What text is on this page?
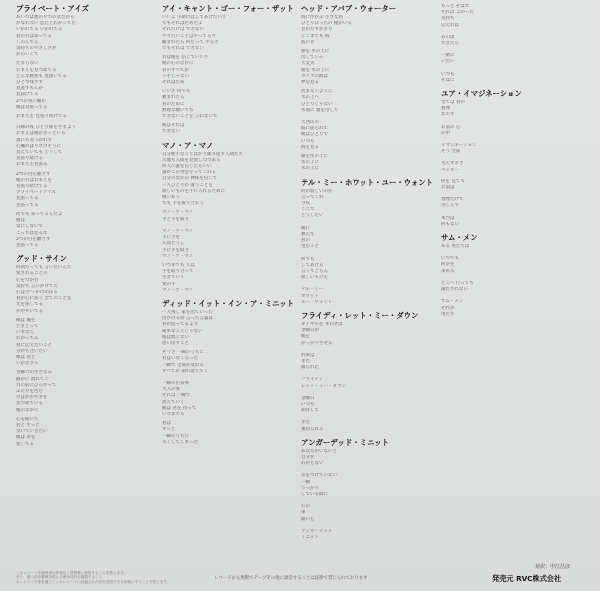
プライベート・アイズ
あいつは他のやつの女だから
かなわない 恋だとわかってた
いかれてる いかれてる
君の目は知ってる
しのんでる
気持ちのやさしさが
かわいくて
たまらない
おまえを見つめてる
どんな秘密も 見抜いてる
ひとつ残さず
見逃すもんか
見届けてる
2つの青い瞳が
俺は見張ってる
おまえを 見張り続けてる
日曜の夜 ひとり街をさまよう
おまえは俺がきっといる
誰にも気づかれず
心臓がはりさけそうに
見えていても どうして
見張り続ける
おまえを見張る
2つの目を離さず
俺の目はおまえを
見張り続けてる
プライベートアイズ
見張ってる
見張ってる
何でも 知ってるんだよ
俺は
気にしないで
こっちは見るな
2つの目を離さず
見張ってる
グッド・サイン
何回だっても 言いたいんだ
愛されることの
心をつかむ
気持ち 言いかけてた
心は空へ かけのぼる
君が心に思う 全てのことを
光を探してる
かがやいてる
俺は 俺を
とまどって
いまなら
わかってる
君に伝えたいこと
分かち合いたい
俺は 君と
いかなきゃ
雪解けのさざなみ
静かに 流れてく
目の前にひろがって
ふたりを包む
空はかがやきを
見つめている
俺のなかに
心を開いて
君と ずっと
歩いていきたい
俺は 君を
愛してる
アイ・キャント・ゴー・フォー・ザット
いいよ 手助けはしてあげたいさ
でもそれはだめだよ
それだけは できない
やりたいことはやってるさ
頼まれたら 何だって やるさ
でもそれは できない
君は俺を 信じていいさ
俺の心のなかに
君のすべてが
うそじゃない
それはだめ
いいさ 何でも
頼まれたら
君のために
無理な願いでも
できないことを 言わないで
俺はそれは
できない
マノ・ア・マノ
自分勝手なことばかり繰り返す人間たち
大地も人間を見放しつつある
何人に誰を信じたらいい
誰がこの世を守ってくれる
自分のなかの 神様を信じて
一人ひとりが 違うことを
欲しいものを手に入れるために
戦いあう
でも 手を取り合おう
マノ・ア・マノ
手と手を取り
マノ・ア・マノ
手に手を
人間どうし
手に手を取り
マノ・ア・マノ
いつまでも 人は
手を取り合って
生きていく
愛の手
マノ・ア・マノ
ディッド・イット・イン・ア・ミニット
一人残し 家を出ていった
出かける時 言った言葉は
君が思ってるより
簡単なことじゃない
俺は悪くない
思い出すこと
そうさ 一瞬のうちに
君はいなくなった
一瞬で 全部が変わる
すべてが 崩れ落ちてく
一瞬の出来事
大人の愛
それは 一瞬で
消えていく
俺は 君を 待って
いつまでも
君は
ずっと
一瞬のうちに
失くしてしまった
ヘッド・アバブ・ウォーター
海に浮かぶ 小さな島
ひとりぼっちの 俺がいる
見わたすかぎり
どこまでも 海
波の音
頭を 水の上に
出していろ
大丈夫
頭を 水の上に
カリブの海は
夢を見る
沈まないように
水の上へ
ひとりじゃない
水面に 頭を出して
大西洋の
波に揺られて
俺はひとりで
いつも
海を見る
頭を水の上に
水の上に
水の上に
テル・ミー・ホワット・ユー・ウォント
何が欲しいのか
言ってくれ
今夜
ここで
どうしたい
俺に
教えて
君の
望むこと
何でも
してあげる
言ってごらん
欲しいものを
テル・ミー
ホワット
ユー・ウォント
フライディ・レット・ミー・ダウン
ダイヤルを まわせば
金曜日が
俺を
がっかりさせる
約束は
また
破られた
フライディ
レット・ミー・ダウン
金曜日
いつも
期待して
また
裏切られる
アンガーデッド・ミニット
あなたがいないと
自分が
わからない
気をつけていない
一瞬
うっかり
している間に
心の
扉
開いた
アンガーデッド
ミニット
もっと そばで
やれば よかった
気持ち
伝えれば
あの頃
できたら
一緒に
いたい
いつも
そばに
ユア・イマジネーション
全ては 君の
想像
なのさ
お前の 心
の中
イマジネーション
そう 全部
考えすぎさ
ベイビー
何を 見ても
お前は
想像だけで
苦しんで
本当は
何もない
サム・メン
ある 男たちは
いつでも
何かを
求める
どこへ 行っても
満たされない
サム・メン
それが
男たち
このレコードを権利者の許諾なく賃貸業に使用することを禁じます。
また、個人的な範囲を超える使用目的で複製すること、
ネットワーク等を通じてこのレコードに収録された音を送信できる状態にすることを禁じます。
対訳：中江昌彦
レコードから無断でテープその他に録音することは法律で禁じられております	発売元 RVC株式会社
